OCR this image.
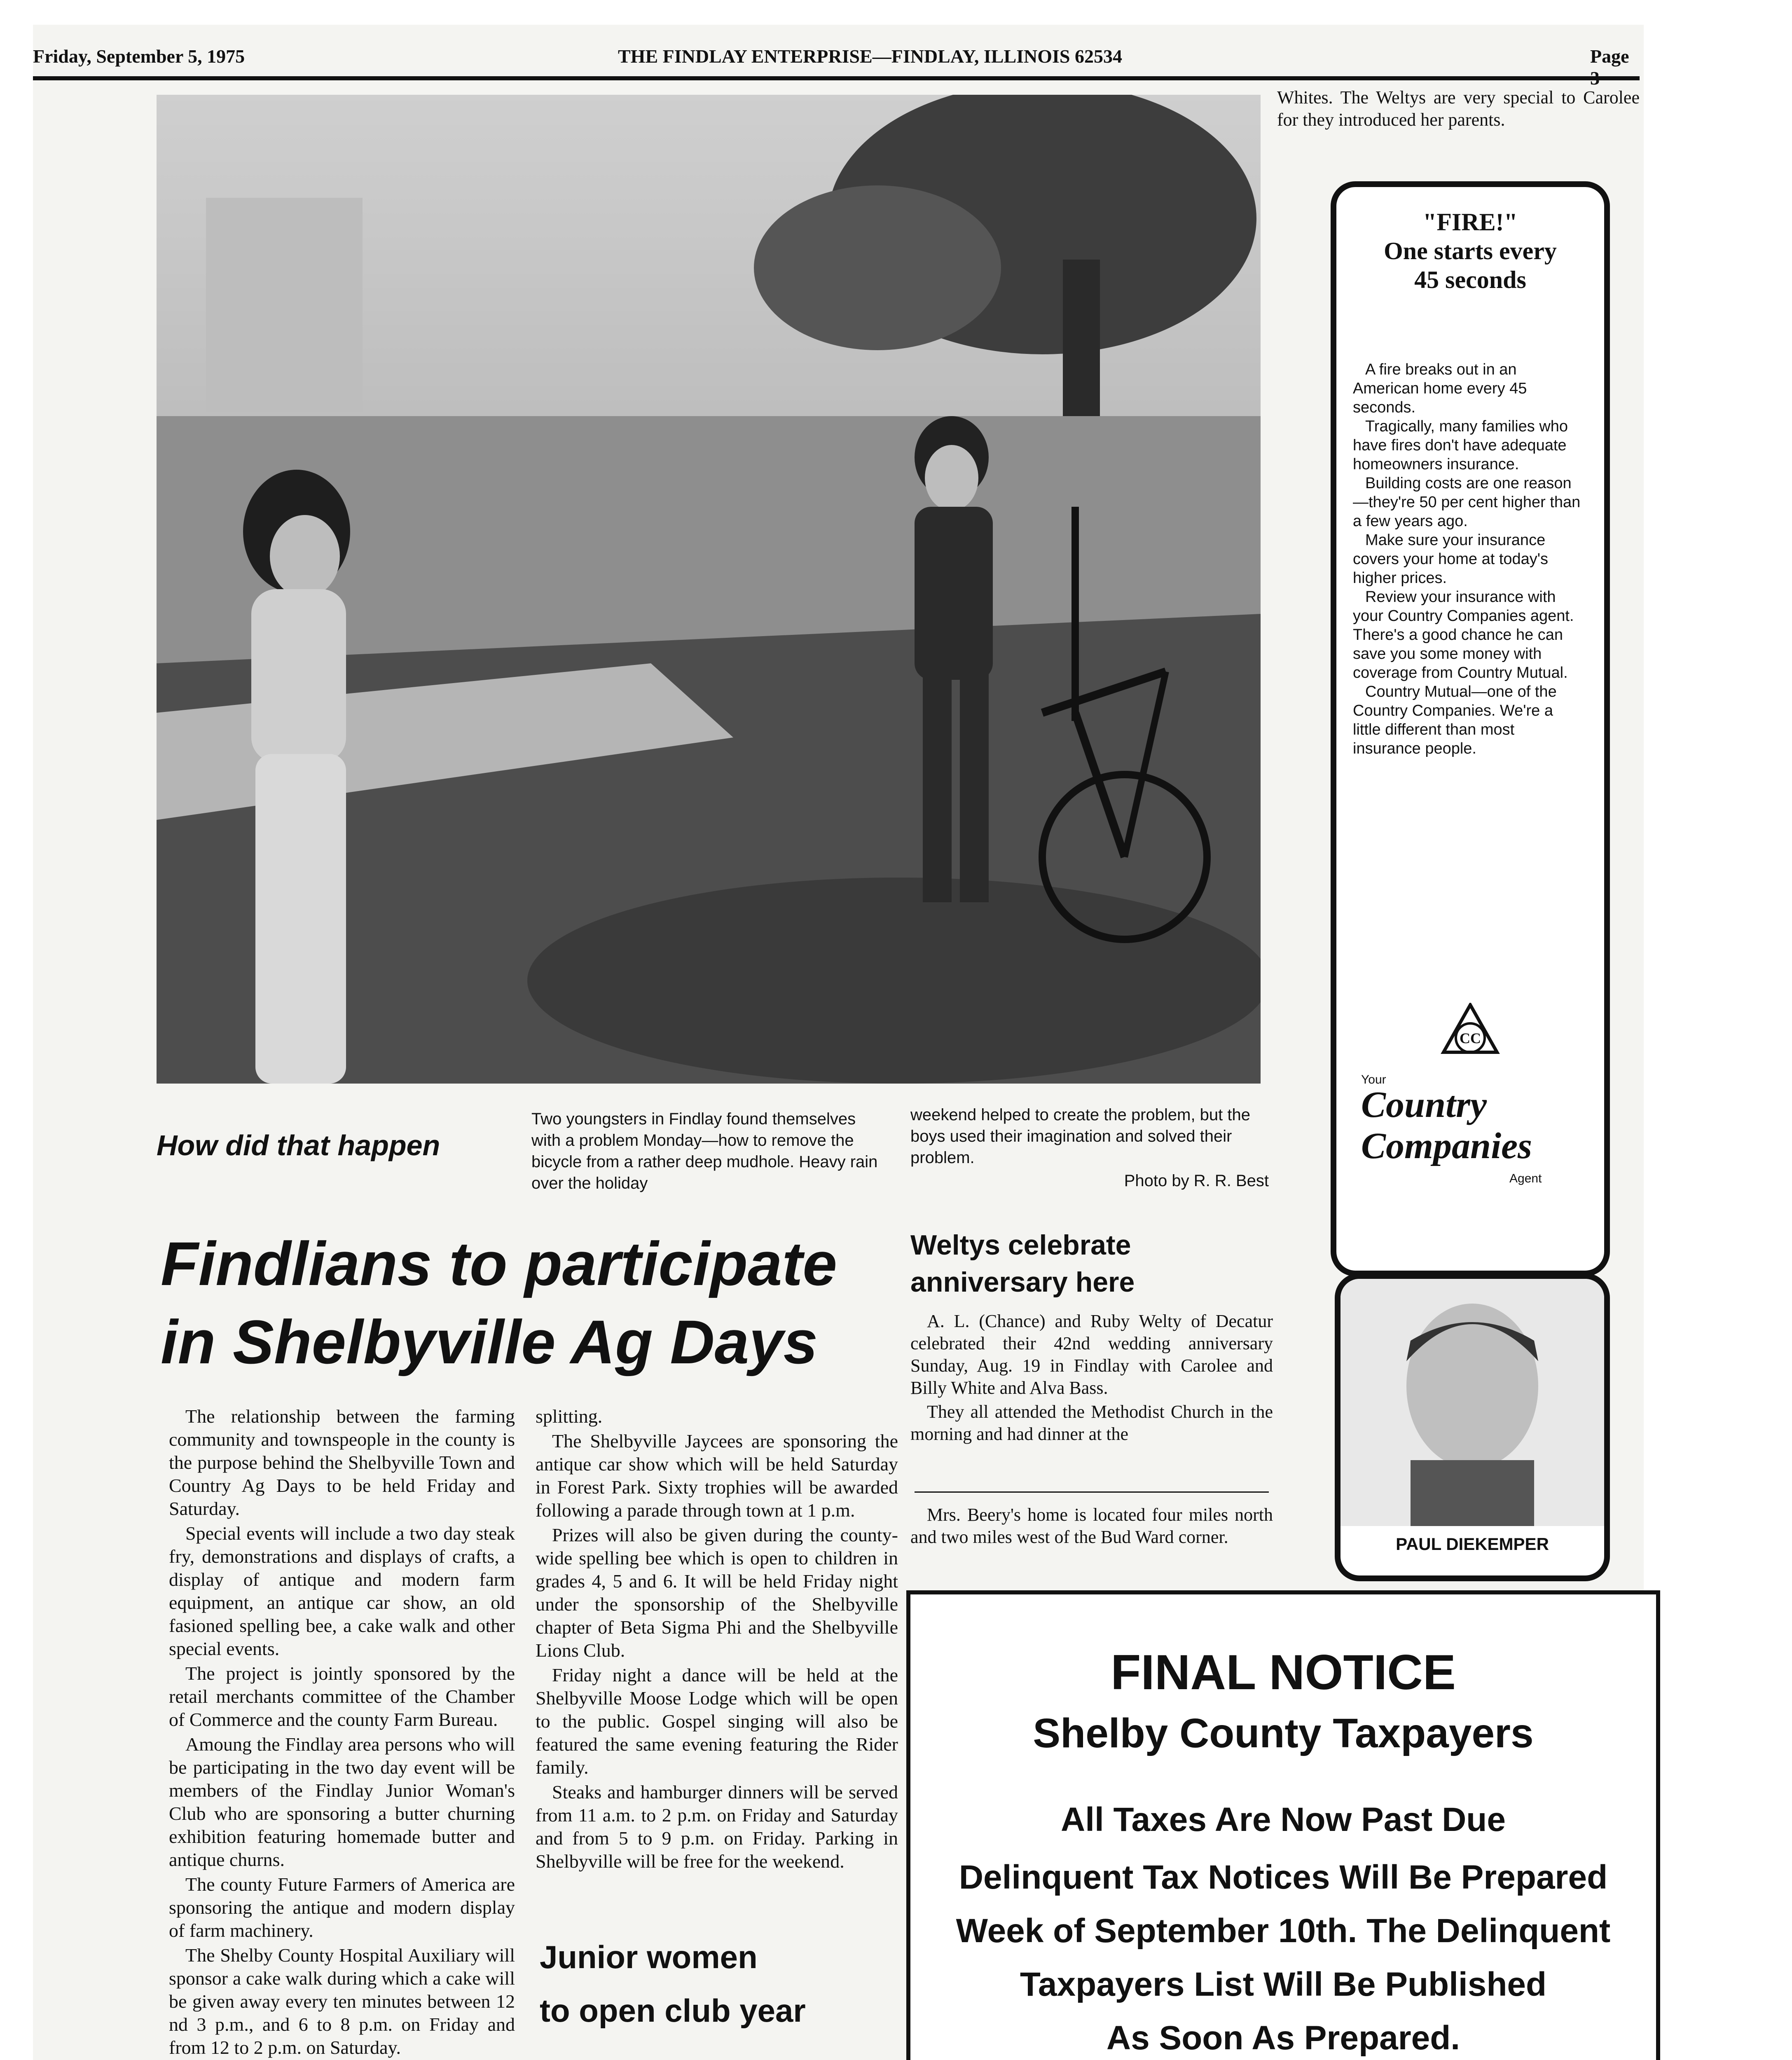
Friday, September 5, 1975	THE FINDLAY ENTERPRISE—FINDLAY, ILLINOIS 62534	Page
Whites. The Weltys are very special to Carolee for they introduced her parents.
How did that happen
Two youngsters in Findlay found themselves with a problem Monday—how to remove the bicycle from a rather deep mudhole. Heavy rain over the holiday
weekend helped to create the problem, but the boys used their imagination and solved their problem.
Photo by R. R. Best
Findlians to participate
in Shelbyville Ag Days

The relationship between the farming community and townspeople in the county is the purpose behind the Shelbyville Town and Country Ag Days to be held Friday and Saturday.

Special events will include a two day steak fry, demonstrations and displays of crafts, a display of antique and modern farm equipment, an antique car show, an old fasioned spelling bee, a cake walk and other special events.

The project is jointly sponsored by the retail merchants committee of the Chamber of Commerce and the county Farm Bureau.

Amoung the Findlay area persons who will be participating in the two day event will be members of the Findlay Junior Woman's Club who are sponsoring a butter churning exhibition featuring homemade butter and antique churns.

The county Future Farmers of America are sponsoring the antique and modern display of farm machinery.

The Shelby County Hospital Auxiliary will sponsor a cake walk during which a cake will be given away every ten minutes between 12 nd 3 p.m., and 6 to 8 p.m. on Friday and from 12 to 2 p.m. on Saturday.

splitting.

The Shelbyville Jaycees are sponsoring the antique car show which will be held Saturday in Forest Park. Sixty trophies will be awarded following a parade through town at 1 p.m.

Prizes will also be given during the county-wide spelling bee which is open to children in grades 4, 5 and 6. It will be held Friday night under the sponsorship of the Shelbyville chapter of Beta Sigma Phi and the Shelbyville Lions Club.

Friday night a dance will be held at the Shelbyville Moose Lodge which will be open to the public. Gospel singing will also be featured the same evening featuring the Rider family.

Steaks and hamburger dinners will be served from 11 a.m. to 2 p.m. on Friday and Saturday and from 5 to 9 p.m. on Friday. Parking in Shelbyville will be free for the weekend.

Junior women
to open club year

Weltys celebrate
anniversary here

A. L. (Chance) and Ruby Welty of Decatur celebrated their 42nd wedding anniversary Sunday, Aug. 19 in Findlay with Carolee and Billy White and Alva Bass.

They all attended the Methodist Church in the morning and had dinner at the

Mrs. Beery's home is located four miles north and two miles west of the Bud Ward corner.

"FIRE!"
One starts every
45 seconds

A fire breaks out in an American home every 45 seconds.

Tragically, many families who have fires don't have adequate homeowners insurance.

Building costs are one reason—they're 50 per cent higher than a few years ago.

Make sure your insurance covers your home at today's higher prices.

Review your insurance with your Country Companies agent. There's a good chance he can save you some money with coverage from Country Mutual.

Country Mutual—one of the Country Companies. We're a little different than most insurance people.

CC
Your
Country
Companies
Agent
PAUL DIEKEMPER
FINAL NOTICE
Shelby County Taxpayers
All Taxes Are Now Past Due
Delinquent Tax Notices Will Be Prepared
Week of September 10th. The Delinquent
Taxpayers List Will Be Published
As Soon As Prepared.
